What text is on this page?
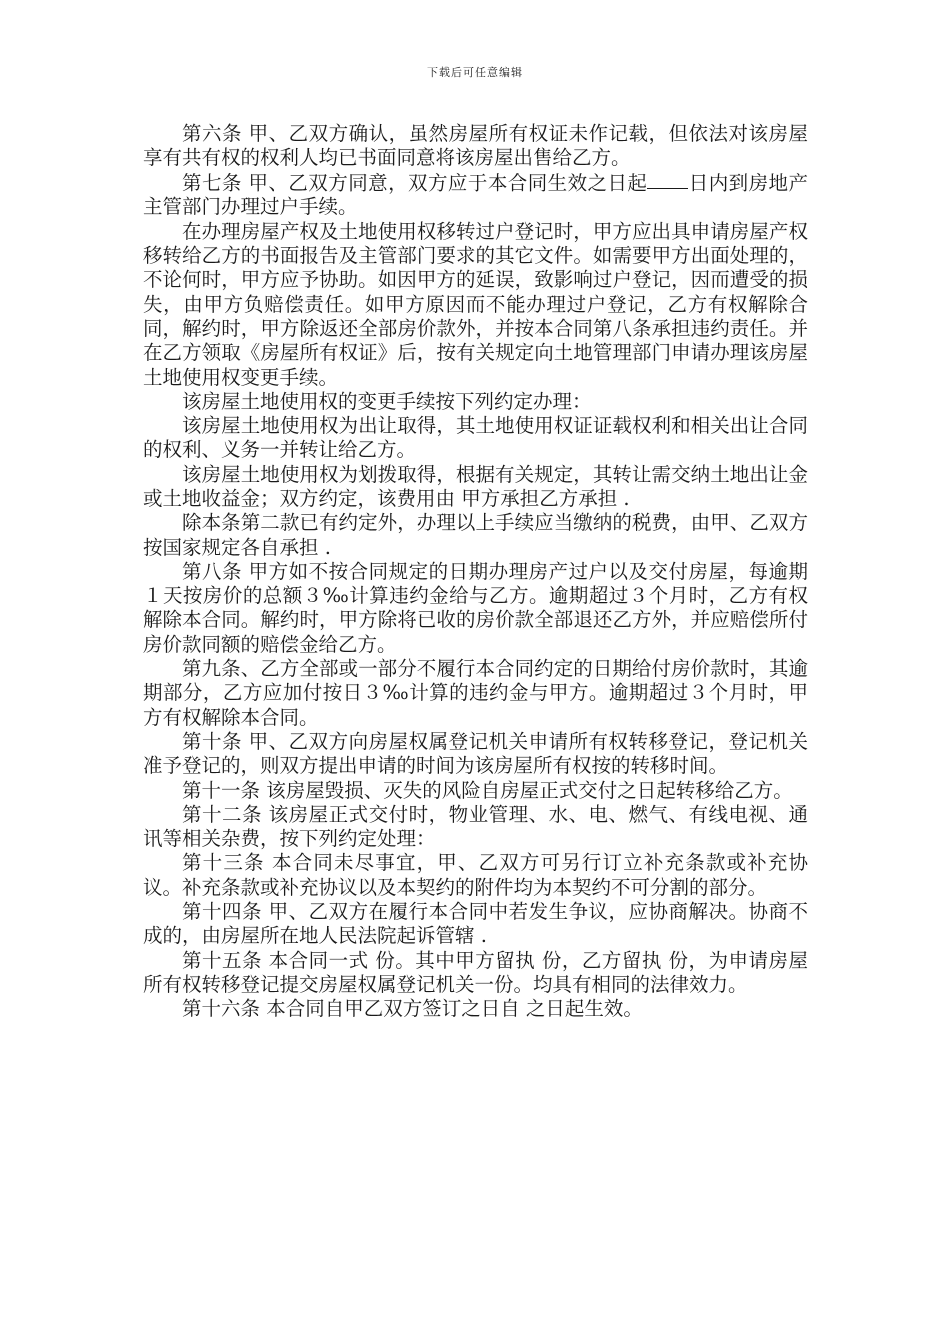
下载后可任意编辑

第六条 甲、乙双方确认，虽然房屋所有权证未作记载，但依法对该房屋享有共有权的权利人均已书面同意将该房屋出售给乙方。

第七条 甲、乙双方同意，双方应于本合同生效之日起 日内到房地产主管部门办理过户手续。

在办理房屋产权及土地使用权移转过户登记时，甲方应出具申请房屋产权移转给乙方的书面报告及主管部门要求的其它文件。如需要甲方出面处理的，不论何时，甲方应予协助。如因甲方的延误，致影响过户登记，因而遭受的损失，由甲方负赔偿责任。如甲方原因而不能办理过户登记，乙方有权解除合同，解约时，甲方除返还全部房价款外，并按本合同第八条承担违约责任。并在乙方领取《房屋所有权证》后，按有关规定向土地管理部门申请办理该房屋土地使用权变更手续。

该房屋土地使用权的变更手续按下列约定办理：

该房屋土地使用权为出让取得，其土地使用权证证载权利和相关出让合同的权利、义务一并转让给乙方。

该房屋土地使用权为划拨取得，根据有关规定，其转让需交纳土地出让金或土地收益金；双方约定，该费用由 甲方承担乙方承担 .

除本条第二款已有约定外，办理以上手续应当缴纳的税费，由甲、乙双方按国家规定各自承担 .

第八条 甲方如不按合同规定的日期办理房产过户以及交付房屋，每逾期１天按房价的总额３‰计算违约金给与乙方。逾期超过３个月时，乙方有权解除本合同。解约时，甲方除将已收的房价款全部退还乙方外，并应赔偿所付房价款同额的赔偿金给乙方。

第九条、乙方全部或一部分不履行本合同约定的日期给付房价款时，其逾期部分，乙方应加付按日３‰计算的违约金与甲方。逾期超过３个月时，甲方有权解除本合同。

第十条 甲、乙双方向房屋权属登记机关申请所有权转移登记，登记机关准予登记的，则双方提出申请的时间为该房屋所有权按的转移时间。

第十一条 该房屋毁损、灭失的风险自房屋正式交付之日起转移给乙方。

第十二条 该房屋正式交付时，物业管理、水、电、燃气、有线电视、通讯等相关杂费，按下列约定处理：

第十三条 本合同未尽事宜，甲、乙双方可另行订立补充条款或补充协议。补充条款或补充协议以及本契约的附件均为本契约不可分割的部分。

第十四条 甲、乙双方在履行本合同中若发生争议，应协商解决。协商不成的，由房屋所在地人民法院起诉管辖 .

第十五条 本合同一式 份。其中甲方留执 份，乙方留执 份，为申请房屋所有权转移登记提交房屋权属登记机关一份。均具有相同的法律效力。

第十六条 本合同自甲乙双方签订之日自 之日起生效。
